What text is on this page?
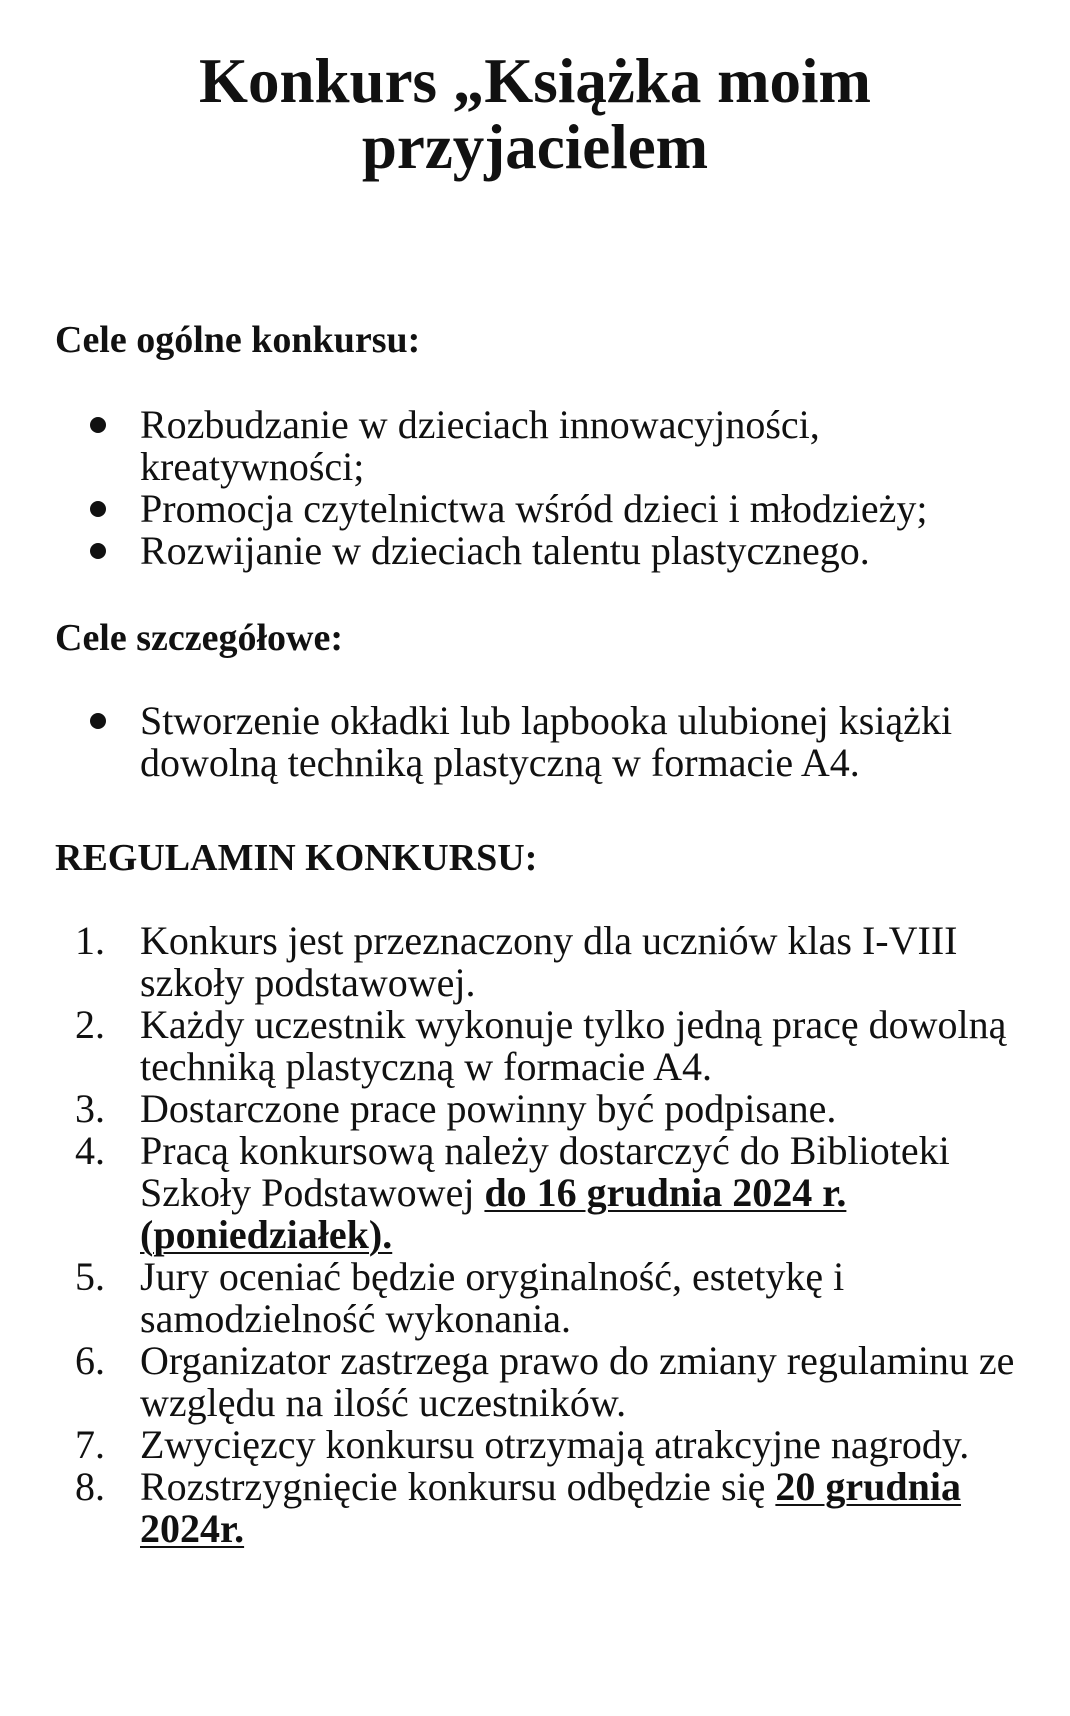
Konkurs „Książka moim
przyjacielem
Cele ogólne konkursu:
Rozbudzanie w dzieciach innowacyjności, kreatywności;
Promocja czytelnictwa wśród dzieci i młodzieży;
Rozwijanie w dzieciach talentu plastycznego.
Cele szczegółowe:
Stworzenie okładki lub lapbooka ulubionej książki dowolną techniką plastyczną w formacie A4.
REGULAMIN KONKURSU:
1. Konkurs jest przeznaczony dla uczniów klas I-VIII szkoły podstawowej.
2. Każdy uczestnik wykonuje tylko jedną pracę dowolną techniką plastyczną w formacie A4.
3. Dostarczone prace powinny być podpisane.
4. Pracą konkursową należy dostarczyć do Biblioteki Szkoły Podstawowej do 16 grudnia 2024 r. (poniedziałek).
5. Jury oceniać będzie oryginalność, estetykę i samodzielność wykonania.
6. Organizator zastrzega prawo do zmiany regulaminu ze względu na ilość uczestników.
7. Zwycięzcy konkursu otrzymają atrakcyjne nagrody.
8. Rozstrzygnięcie konkursu odbędzie się 20 grudnia 2024r.
